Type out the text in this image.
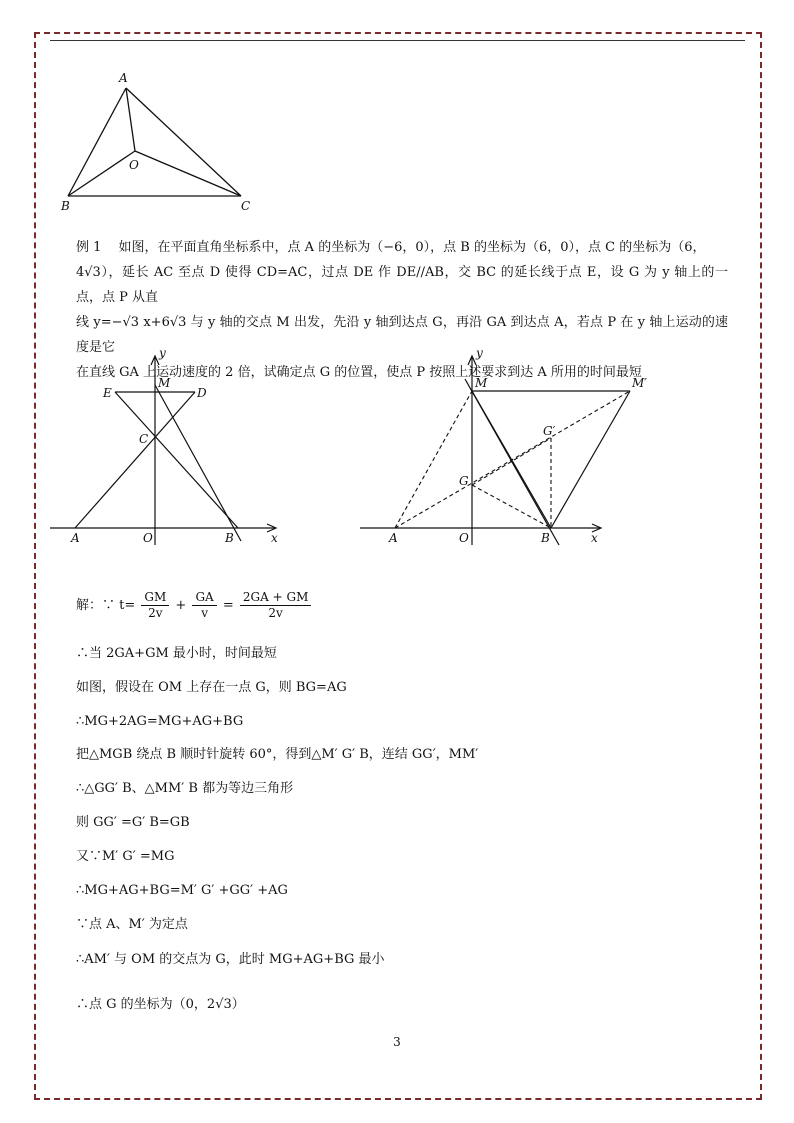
A
O
B	C
例 1　 如图，在平面直角坐标系中，点 A 的坐标为（−6，0），点 B 的坐标为（6，0），点 C 的坐标为（6，
4√3），延长 AC 至点 D 使得 CD=AC，过点 DE 作 DE//AB，交 BC 的延长线于点 E，设 G 为 y 轴上的一点，点 P 从直
线 y=−√3 x+6√3 与 y 轴的交点 M 出发，先沿 y 轴到达点 G，再沿 GA 到达点 A，若点 P 在 y 轴上运动的速度是它
在直线 GA 上运动速度的 2 倍，试确定点 G 的位置，使点 P 按照上述要求到达 A 所用的时间最短
y
E
M
D
C
A	O	B	x
y
M	M′
G′
G
A	O	B	x
解：∵ $t= \frac{GM}{2v} + \frac{GA}{v} = \frac{2GA + GM}{2v}$
∴当 2GA+GM 最小时，时间最短
如图，假设在 OM 上存在一点 G，则 BG=AG
∴MG+2AG=MG+AG+BG
把△MGB 绕点 B 顺时针旋转 60°，得到△M′ G′ B，连结 GG′，MM′
∴△GG′ B、△MM′ B 都为等边三角形
则 GG′ =G′ B=GB
又∵M′ G′ =MG
∴MG+AG+BG=M′ G′ +GG′ +AG
∵点 A、M′ 为定点
∴AM′ 与 OM 的交点为 G，此时 MG+AG+BG 最小
∴点 G 的坐标为（0，2√3）
3
